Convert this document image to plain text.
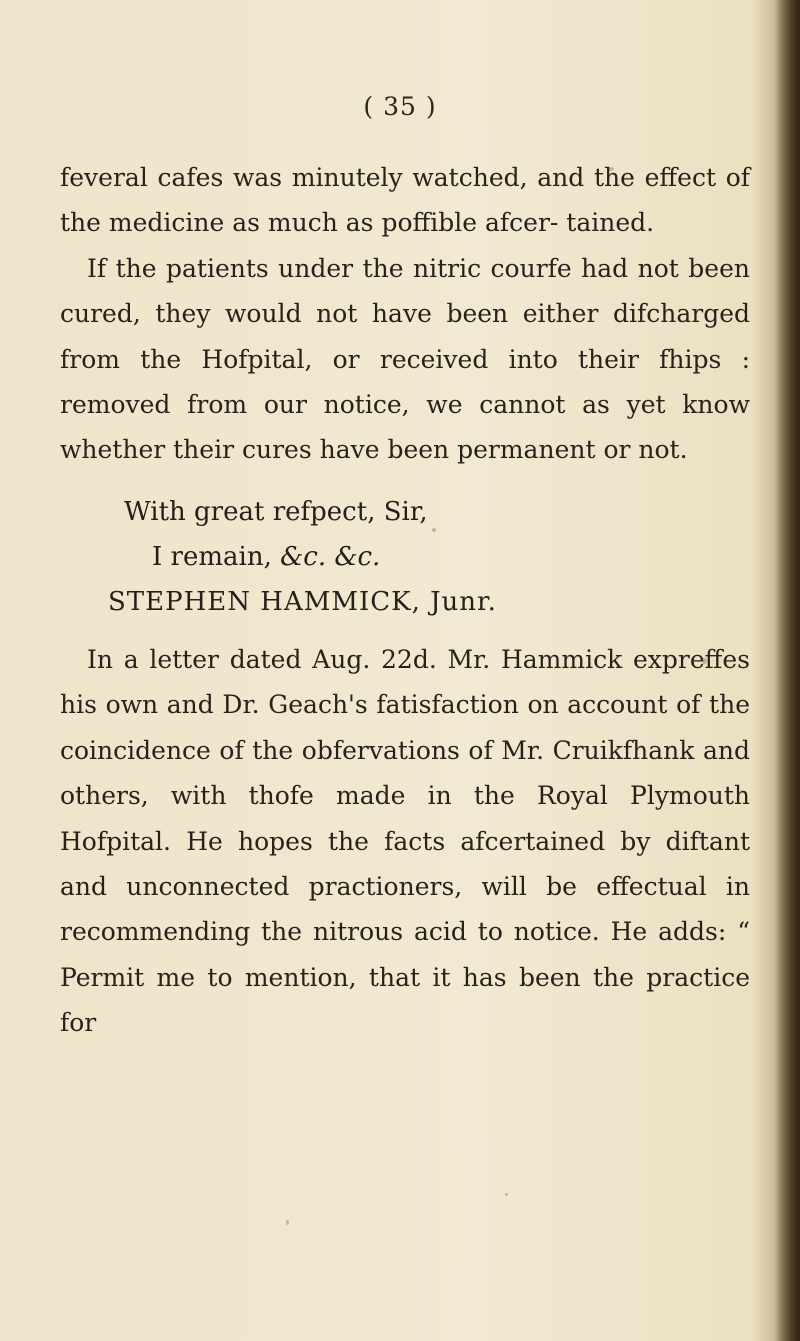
( 35 )

feveral cafes was minutely watched, and the effect of the medicine as much as poffible afcer- tained.

If the patients under the nitric courfe had not been cured, they would not have been either difcharged from the Hofpital, or received into their fhips : removed from our notice, we cannot as yet know whether their cures have been permanent or not.

With great refpect, Sir,
I remain, &c. &c.
STEPHEN HAMMICK, Junr.

In a letter dated Aug. 22d. Mr. Hammick expreffes his own and Dr. Geach's fatisfaction on account of the coincidence of the obfervations of Mr. Cruikfhank and others, with thofe made in the Royal Plymouth Hofpital. He hopes the facts afcertained by diftant and unconnected practioners, will be effectual in recommending the nitrous acid to notice. He adds: “ Permit me to mention, that it has been the practice for
